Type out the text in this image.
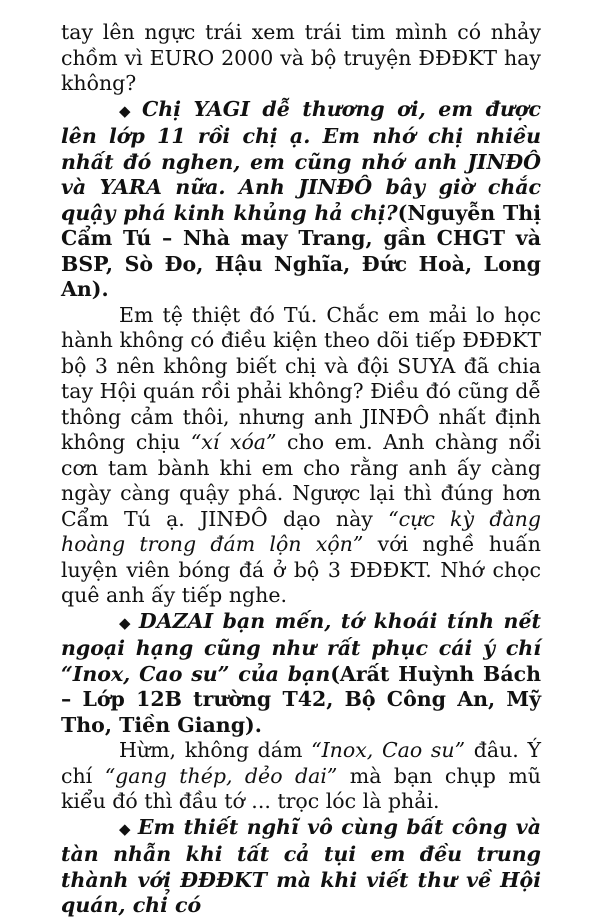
tay lên ngực trái xem trái tim mình có nhảy chồm vì EURO 2000 và bộ truyện ĐĐĐKT hay không?

◆ Chị YAGI dễ thương ơi, em được lên lớp 11 rồi chị ạ. Em nhớ chị nhiều nhất đó nghen, em cũng nhớ anh JINĐÔ và YARA nữa. Anh JINĐÔ bây giờ chắc quậy phá kinh khủng hả chị?(Nguyễn Thị Cẩm Tú – Nhà may Trang, gần CHGT và BSP, Sò Đo, Hậu Nghĩa, Đức Hoà, Long An).

Em tệ thiệt đó Tú. Chắc em mải lo học hành không có điều kiện theo dõi tiếp ĐĐĐKT bộ 3 nên không biết chị và đội SUYA đã chia tay Hội quán rồi phải không? Điều đó cũng dễ thông cảm thôi, nhưng anh JINĐÔ nhất định không chịu “xí xóa” cho em. Anh chàng nổi cơn tam bành khi em cho rằng anh ấy càng ngày càng quậy phá. Ngược lại thì đúng hơn Cẩm Tú ạ. JINĐÔ dạo này “cực kỳ đàng hoàng trong đám lộn xộn” với nghề huấn luyện viên bóng đá ở bộ 3 ĐĐĐKT. Nhớ chọc quê anh ấy tiếp nghe.

◆ DAZAI bạn mến, tớ khoái tính nết ngoại hạng cũng như rất phục cái ý chí “Inox, Cao su” của bạn(Arất Huỳnh Bách – Lớp 12B trường T42, Bộ Công An, Mỹ Tho, Tiền Giang).

Hừm, không dám “Inox, Cao su” đâu. Ý chí “gang thép, dẻo dai” mà bạn chụp mũ kiểu đó thì đầu tớ ... trọc lóc là phải.

◆ Em thiết nghĩ vô cùng bất công và tàn nhẫn khi tất cả tụi em đều trung thành với ĐĐĐKT mà khi viết thư về Hội quán, chỉ có
